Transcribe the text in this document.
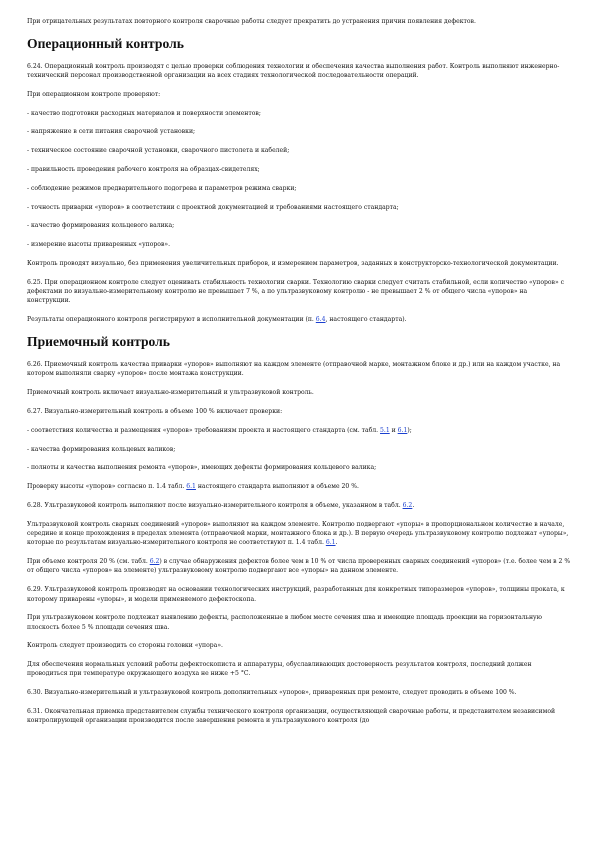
При отрицательных результатах повторного контроля сварочные работы следует прекратить до устранения причин появления дефектов.

Операционный контроль

6.24. Операционный контроль производят с целью проверки соблюдения технологии и обеспечения качества выполнения работ. Контроль выполняют инженерно-технический персонал производственной организации на всех стадиях технологической последовательности операций.

При операционном контроле проверяют:

- качество подготовки расходных материалов и поверхности элементов;

- напряжение в сети питания сварочной установки;

- техническое состояние сварочной установки, сварочного пистолета и кабелей;

- правильность проведения рабочего контроля на образцах-свидетелях;

- соблюдение режимов предварительного подогрева и параметров режима сварки;

- точность приварки «упоров» в соответствии с проектной документацией и требованиями настоящего стандарта;

- качество формирования кольцевого валика;

- измерение высоты приваренных «упоров».

Контроль проводят визуально, без применения увеличительных приборов, и измерением параметров, заданных в конструкторско-технологической документации.

6.25. При операционном контроле следует оценивать стабильность технологии сварки. Технологию сварки следует считать стабильной, если количество «упоров» с дефектами по визуально-измерительному контролю не превышает 7 %, а по ультразвуковому контролю - не превышает 2 % от общего числа «упоров» на конструкции.

Результаты операционного контроля регистрируют в исполнительной документации (п. 6.4, настоящего стандарта).

Приемочный контроль

6.26. Приемочный контроль качества приварки «упоров» выполняют на каждом элементе (отправочной марке, монтажном блоке и др.) или на каждом участке, на котором выполняли сварку «упоров» после монтажа конструкции.

Приемочный контроль включает визуально-измерительный и ультразвуковой контроль.

6.27. Визуально-измерительный контроль в объеме 100 % включает проверки:

- соответствия количества и размещения «упоров» требованиям проекта и настоящего стандарта (см. табл. 5.1 и 6.1);

- качества формирования кольцевых валиков;

- полноты и качества выполнения ремонта «упоров», имеющих дефекты формирования кольцевого валика;

Проверку высоты «упоров» согласно п. 1.4 табл. 6.1 настоящего стандарта выполняют в объеме 20 %.

6.28. Ультразвуковой контроль выполняют после визуально-измерительного контроля в объеме, указанном в табл. 6.2.

Ультразвуковой контроль сварных соединений «упоров» выполняют на каждом элементе. Контролю подвергают «упоры» в пропорциональном количестве в начале, середине и конце прохождения в пределах элемента (отправочной марки, монтажного блока и др.). В первую очередь ультразвуковому контролю подлежат «упоры», которые по результатам визуально-измерительного контроля не соответствуют п. 1.4 табл. 6.1.

При объеме контроля 20 % (см. табл. 6.2) в случае обнаружения дефектов более чем в 10 % от числа проверенных сварных соединений «упоров» (т.е. более чем в 2 % от общего числа «упоров» на элементе) ультразвуковому контролю подвергают все «упоры» на данном элементе.

6.29. Ультразвуковой контроль производят на основании технологических инструкций, разработанных для конкретных типоразмеров «упоров», толщины проката, к которому приварены «упоры», и модели применяемого дефектоскопа.

При ультразвуковом контроле подлежат выявлению дефекты, расположенные в любом месте сечения шва и имеющие площадь проекции на горизонтальную плоскость более 5 % площади сечения шва.

Контроль следует производить со стороны головки «упора».

Для обеспечения нормальных условий работы дефектоскописта и аппаратуры, обуславливающих достоверность результатов контроля, последний должен проводиться при температуре окружающего воздуха не ниже +5 °С.

6.30. Визуально-измерительный и ультразвуковой контроль дополнительных «упоров», приваренных при ремонте, следует проводить в объеме 100 %.

6.31. Окончательная приемка представителем службы технического контроля организации, осуществляющей сварочные работы, и представителем независимой контролирующей организации производится после завершения ремонта и ультразвукового контроля (до
